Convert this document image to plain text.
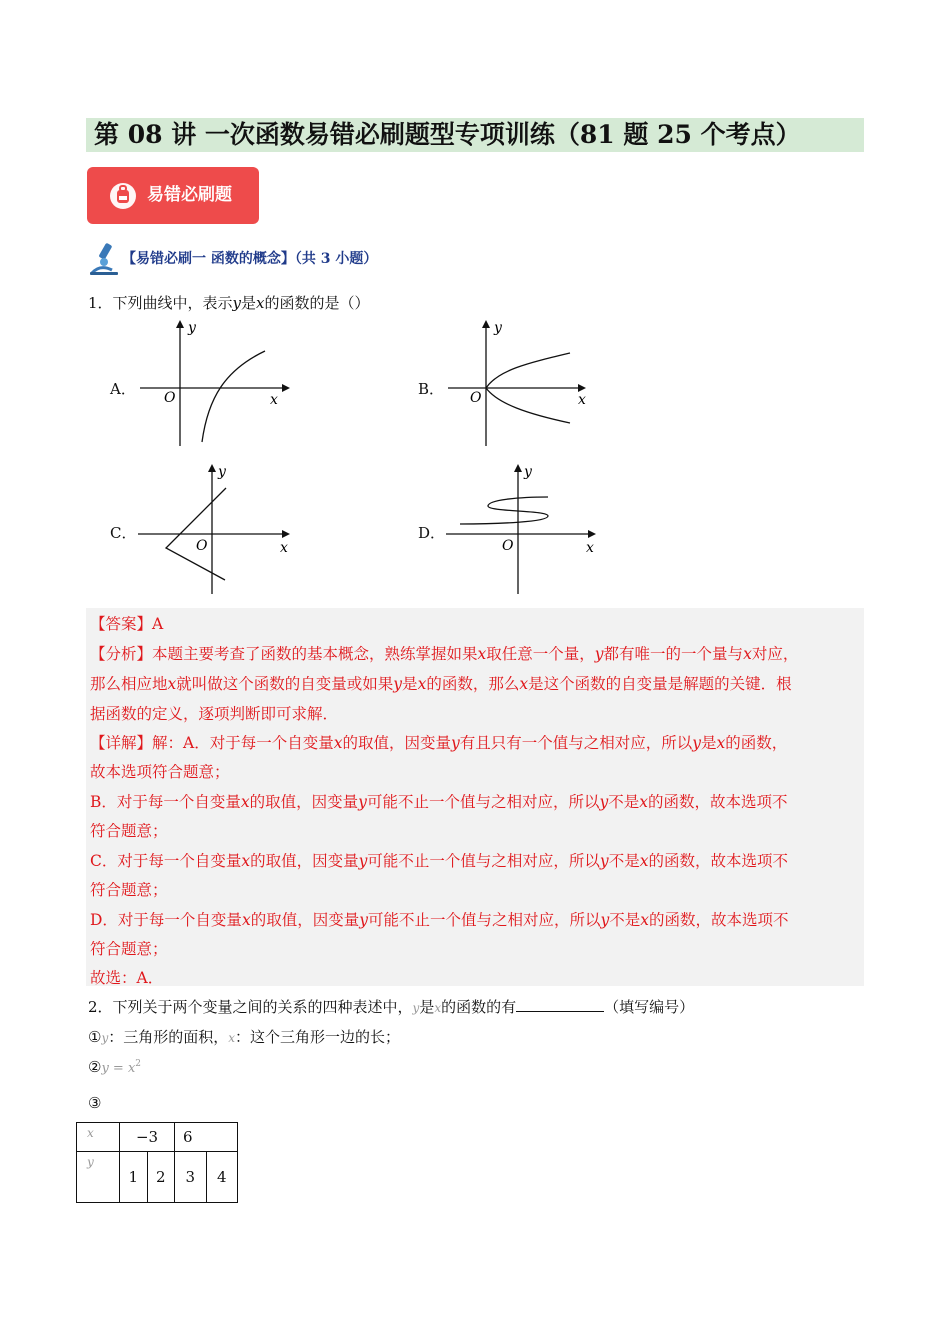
第 08 讲 一次函数易错必刷题型专项训练（81 题 25 个考点）
易错必刷题
【易错必刷一 函数的概念】（共 3 小题）
1．下列曲线中，表示y是x的函数的是（）
A．
y
x
O	B．
y
x
O
C．
y
x
O
D．
y
x
O
【答案】A
【分析】本题主要考查了函数的基本概念，熟练掌握如果x取任意一个量，y都有唯一的一个量与x对应，
那么相应地x就叫做这个函数的自变量或如果y是x的函数，那么x是这个函数的自变量是解题的关键．根
据函数的定义，逐项判断即可求解．
【详解】解：A．对于每一个自变量x的取值，因变量y有且只有一个值与之相对应，所以y是x的函数，
故本选项符合题意；
B．对于每一个自变量x的取值，因变量y可能不止一个值与之相对应，所以y不是x的函数，故本选项不
符合题意；
C．对于每一个自变量x的取值，因变量y可能不止一个值与之相对应，所以y不是x的函数，故本选项不
符合题意；
D．对于每一个自变量x的取值，因变量y可能不止一个值与之相对应，所以y不是x的函数，故本选项不
符合题意；
故选：A．
2．下列关于两个变量之间的关系的四种表述中，y是x的函数的有	（填写编号）
①y：三角形的面积，x：这个三角形一边的长；
②y = $x^2$
③
x	−3		6	
y	1	2	3	4
